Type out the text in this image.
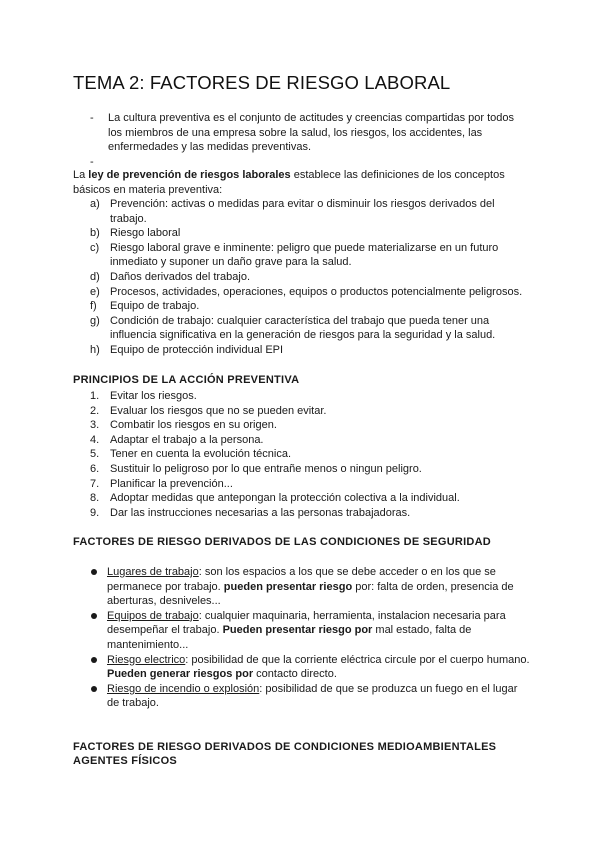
TEMA 2: FACTORES DE RIESGO LABORAL
- La cultura preventiva es el conjunto de actitudes y creencias compartidas por todos los miembros de una empresa sobre la salud, los riesgos, los accidentes, las enfermedades y las medidas preventivas.
-

La ley de prevención de riesgos laborales establece las definiciones de los conceptos básicos en materia preventiva:

a) Prevención: activas o medidas para evitar o disminuir los riesgos derivados del trabajo.
b) Riesgo laboral
c) Riesgo laboral grave e inminente: peligro que puede materializarse en un futuro inmediato y suponer un daño grave para la salud.
d) Daños derivados del trabajo.
e) Procesos, actividades, operaciones, equipos o productos potencialmente peligrosos.
f) Equipo de trabajo.
g) Condición de trabajo: cualquier característica del trabajo que pueda tener una influencia significativa en la generación de riesgos para la seguridad y la salud.
h) Equipo de protección individual EPI
PRINCIPIOS DE LA ACCIÓN PREVENTIVA
1. Evitar los riesgos.
2. Evaluar los riesgos que no se pueden evitar.
3. Combatir los riesgos en su origen.
4. Adaptar el trabajo a la persona.
5. Tener en cuenta la evolución técnica.
6. Sustituir lo peligroso por lo que entrañe menos o ningun peligro.
7. Planificar la prevención...
8. Adoptar medidas que antepongan la protección colectiva a la individual.
9. Dar las instrucciones necesarias a las personas trabajadoras.
FACTORES DE RIESGO DERIVADOS DE LAS CONDICIONES DE SEGURIDAD
Lugares de trabajo: son los espacios a los que se debe acceder o en los que se permanece por trabajo. pueden presentar riesgo por: falta de orden, presencia de aberturas, desniveles...
Equipos de trabajo: cualquier maquinaria, herramienta, instalacion necesaria para desempeñar el trabajo. Pueden presentar riesgo por mal estado, falta de mantenimiento...
Riesgo electrico: posibilidad de que la corriente eléctrica circule por el cuerpo humano. Pueden generar riesgos por contacto directo.
Riesgo de incendio o explosión: posibilidad de que se produzca un fuego en el lugar de trabajo.
FACTORES DE RIESGO DERIVADOS DE CONDICIONES MEDIOAMBIENTALES
AGENTES FÍSICOS
